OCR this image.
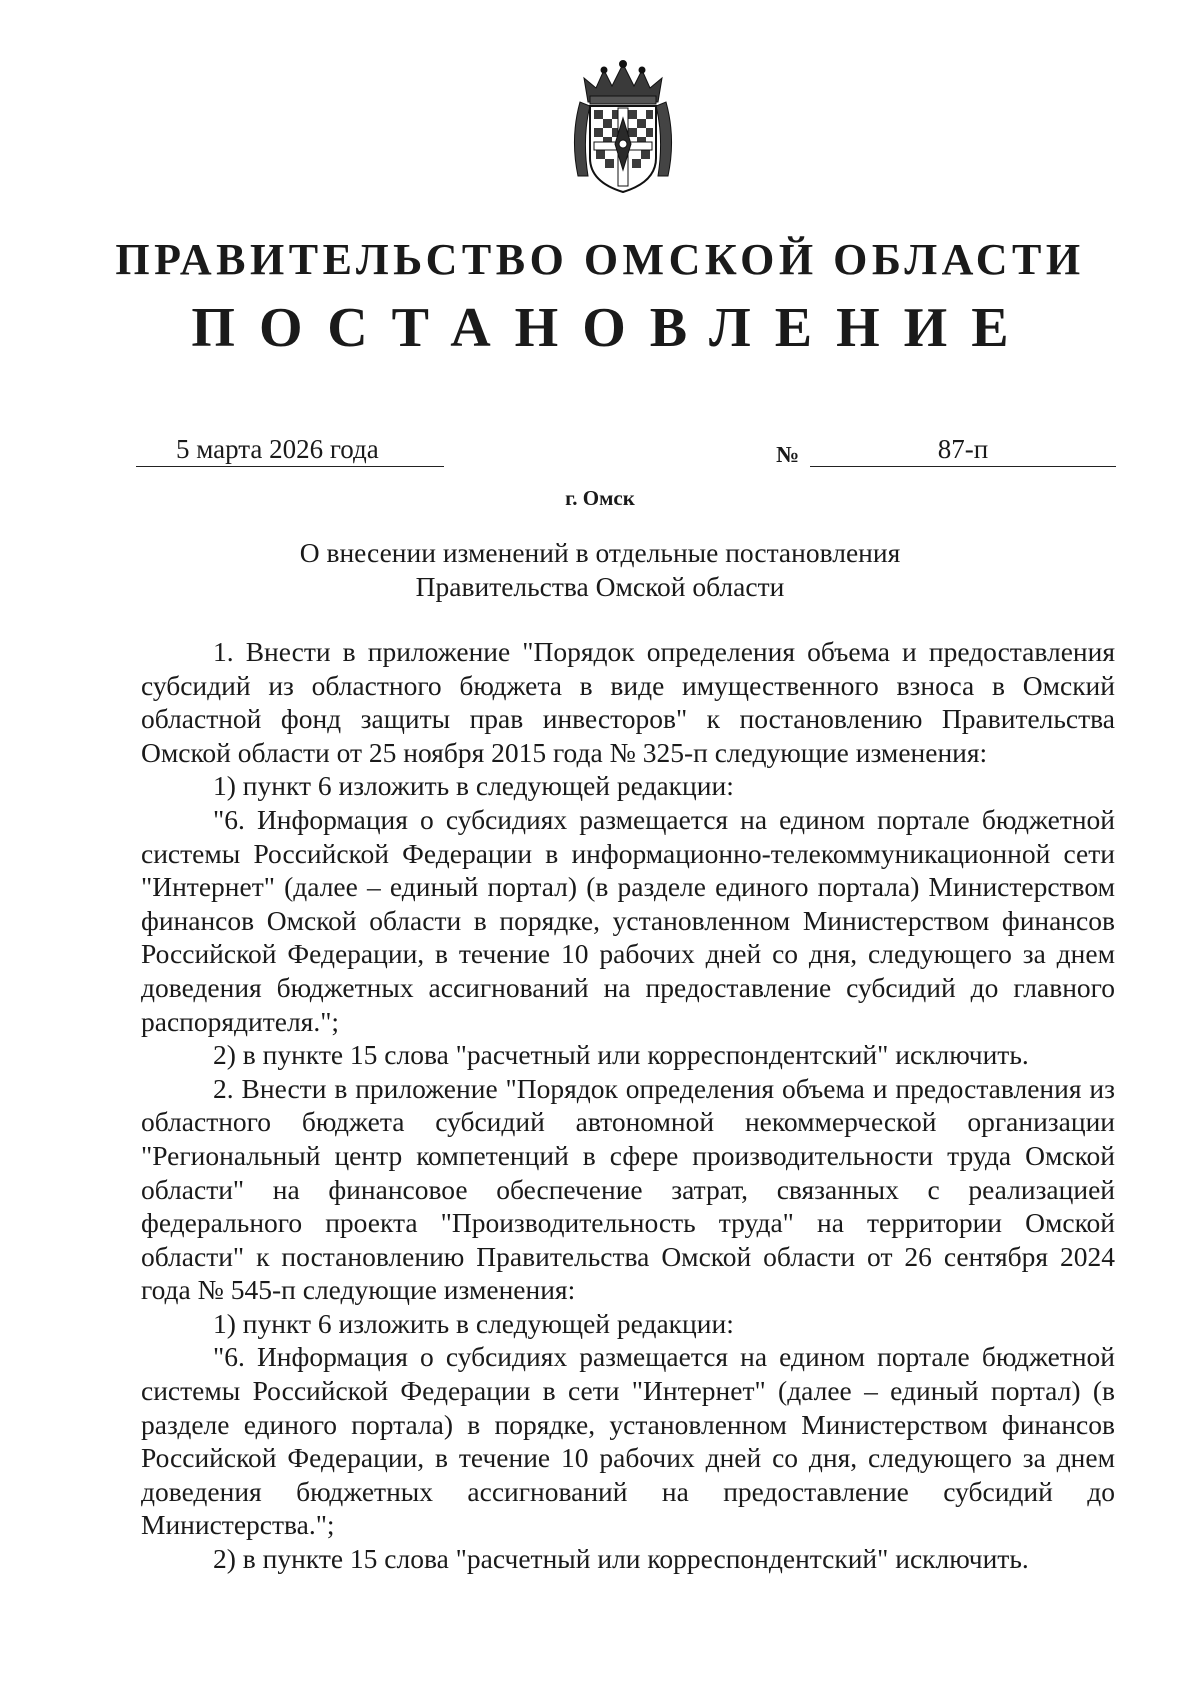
ПРАВИТЕЛЬСТВО ОМСКОЙ ОБЛАСТИ
ПОСТАНОВЛЕНИЕ
5 марта 2026 года	№	87-п
г. Омск
О внесении изменений в отдельные постановления
Правительства Омской области

1. Внести в приложение "Порядок определения объема и предоставления субсидий из областного бюджета в виде имущественного взноса в Омский областной фонд защиты прав инвесторов" к постановлению Правительства Омской области от 25 ноября 2015 года № 325-п следующие изменения:

1) пункт 6 изложить в следующей редакции:

"6. Информация о субсидиях размещается на едином портале бюджетной системы Российской Федерации в информационно-телекоммуникационной сети "Интернет" (далее – единый портал) (в разделе единого портала) Министерством финансов Омской области в порядке, установленном Министерством финансов Российской Федерации, в течение 10 рабочих дней со дня, следующего за днем доведения бюджетных ассигнований на предоставление субсидий до главного распорядителя.";

2) в пункте 15 слова "расчетный или корреспондентский" исключить.

2. Внести в приложение "Порядок определения объема и предоставления из областного бюджета субсидий автономной некоммерческой организации "Региональный центр компетенций в сфере производительности труда Омской области" на финансовое обеспечение затрат, связанных с реализацией федерального проекта "Производительность труда" на территории Омской области" к постановлению Правительства Омской области от 26 сентября 2024 года № 545-п следующие изменения:

1) пункт 6 изложить в следующей редакции:

"6. Информация о субсидиях размещается на едином портале бюджетной системы Российской Федерации в сети "Интернет" (далее – единый портал) (в разделе единого портала) в порядке, установленном Министерством финансов Российской Федерации, в течение 10 рабочих дней со дня, следующего за днем доведения бюджетных ассигнований на предоставление субсидий до Министерства.";

2) в пункте 15 слова "расчетный или корреспондентский" исключить.
